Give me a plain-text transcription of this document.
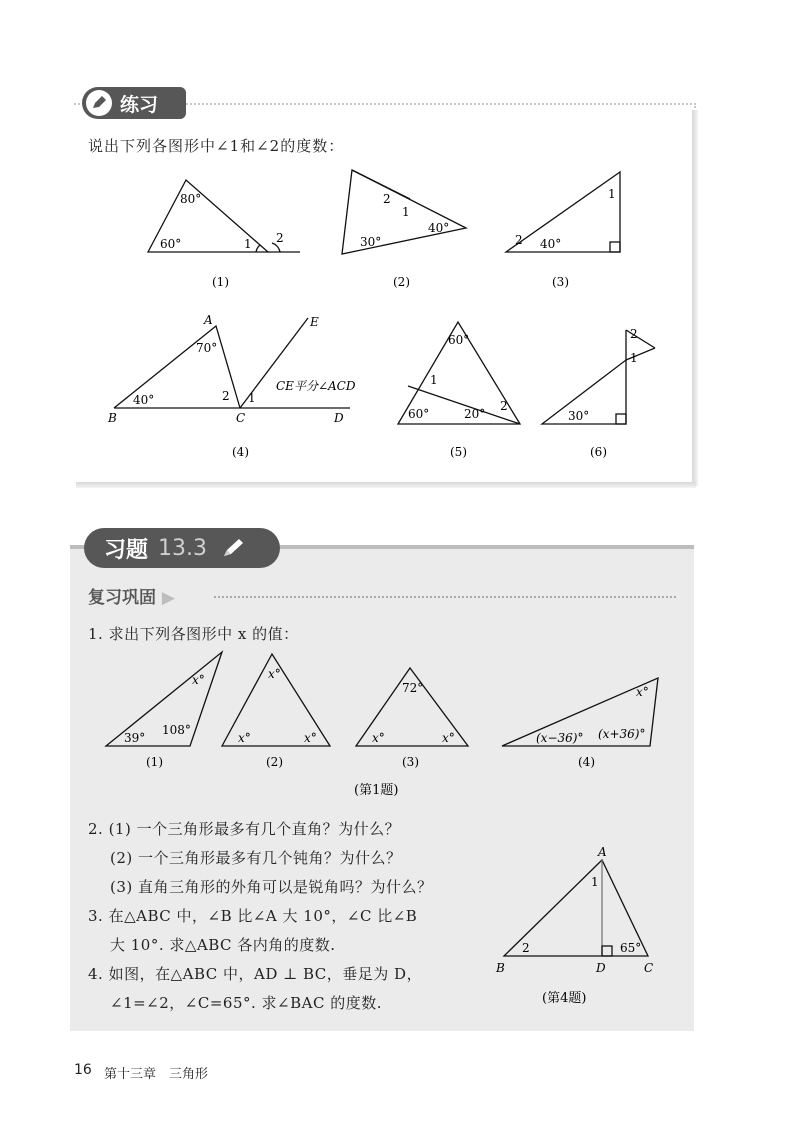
练习
说出下列各图形中∠1和∠2的度数：
80°
60°	1 2
(1)
2
1
40°
30°
(2)
1
2 40°
(3)
A	E
70°
40°	2 1
CE平分∠ACD
B	C	D
(4)
60°
1
60°	20°
2
(5)
2
1
30°
(6)
习题 13.3
复习巩固 ▶
1. 求出下列各图形中 x 的值：
x°
39°
108°
(1)
x°
x°	x°
(2)
72°
x°	x°
(3)
x°
(x−36)° (x+36)°
(4)
(第1题)
2. (1) 一个三角形最多有几个直角？为什么？
(2) 一个三角形最多有几个钝角？为什么？
(3) 直角三角形的外角可以是锐角吗？为什么？
3. 在△ABC 中，∠B 比∠A 大 10°，∠C 比∠B
大 10°. 求△ABC 各内角的度数.
4. 如图，在△ABC 中，AD ⊥ BC，垂足为 D，
∠1=∠2，∠C=65°. 求∠BAC 的度数.
A
1
2	65°
B	D	C
(第4题)
16 第十三章　三角形
